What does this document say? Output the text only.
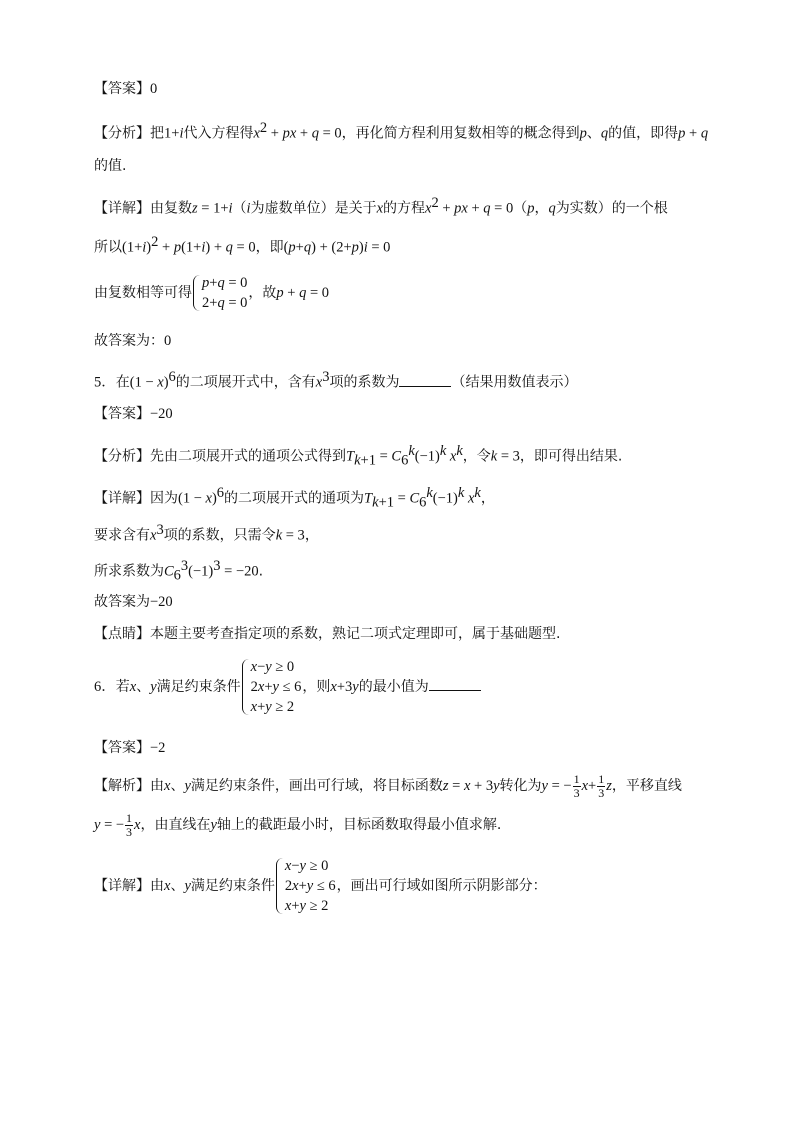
【答案】0
【分析】把1+i代入方程得$x^2$ + px + q = 0，再化简方程利用复数相等的概念得到p、q的值，即得p + q
的值.
【详解】由复数z = 1+i（i为虚数单位）是关于x的方程$x^2$ + px + q = 0（p，q为实数）的一个根
所以$(1+i)^2 + p(1+i) + q = 0$，即(p+q) + (2+p)i = 0
由复数相等可得
p+q = 0
2+q = 0
，故p + q = 0
故答案为：0
5．在$(1 - x)^6$的二项展开式中，含有$x^3$项的系数为	（结果用数值表示）
【答案】−20
【分析】先由二项展开式的通项公式得到$T_{k+1} = C_6^k(-1)^k$ $x^k$，令k = 3，即可得出结果.
【详解】因为$(1 - x)^6$的二项展开式的通项为$T_{k+1} = C_6^k(-1)^k$ $x^k$，
要求含有$x^3$项的系数，只需令k = 3，
所求系数为$C_6^3(-1)^3 = -20$.
故答案为−20
【点睛】本题主要考查指定项的系数，熟记二项式定理即可，属于基础题型.
6．若x、y满足约束条件
x−y ≥ 0
2x+y ≤ 6
x+y ≥ 2
，则x+3y的最小值为
【答案】−2
【解析】由x、y满足约束条件，画出可行域，将目标函数z = x + 3y转化为y = − $\frac{1}{3} x+ \frac{1}{3}$ z，平移直线
y = − $\frac{1}{3}$ x，由直线在y轴上的截距最小时，目标函数取得最小值求解.
【详解】由x、y满足约束条件
x−y ≥ 0
2x+y ≤ 6
x+y ≥ 2
，画出可行域如图所示阴影部分：
